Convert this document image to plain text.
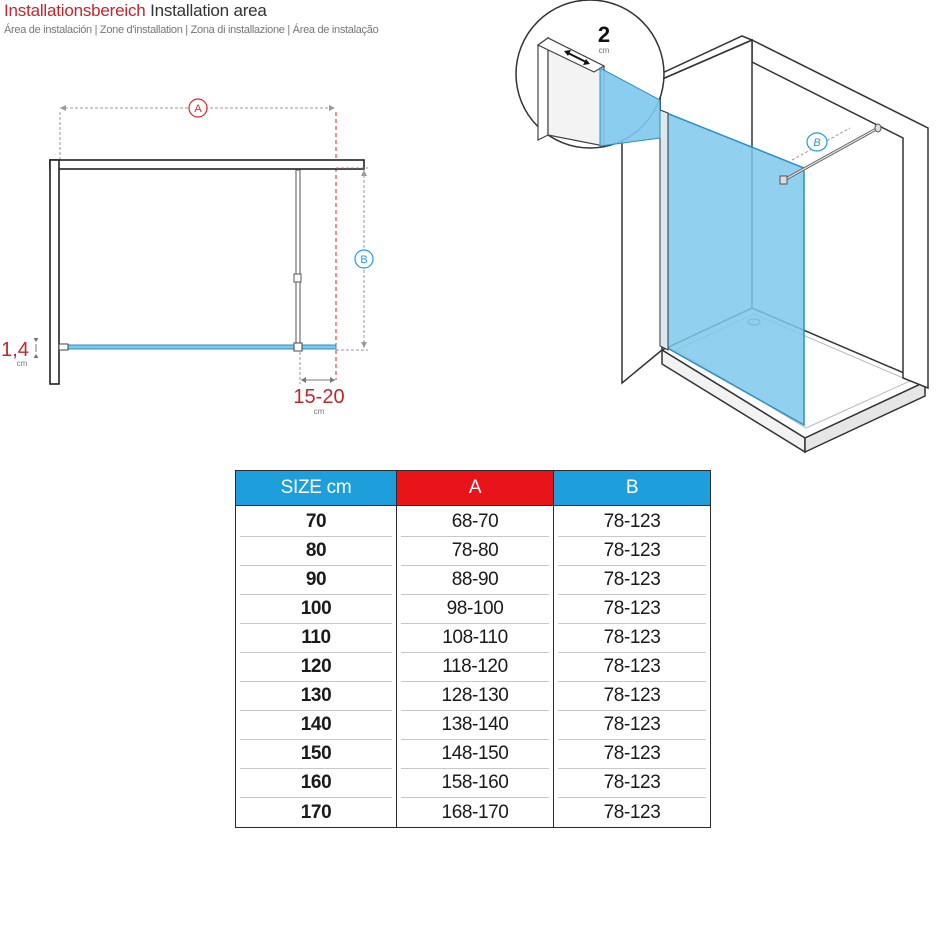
Installationsbereich Installation area
Área de instalación | Zone d'installation | Zona di installazione | Área de instalação
A
B
1,4
cm
15-20
cm
B
2
cm
SIZE cm	A	B

70	68-70	78-123

80	78-80	78-123

90	88-90	78-123

100	98-100	78-123

110	108-110	78-123

120	118-120	78-123

130	128-130	78-123

140	138-140	78-123

150	148-150	78-123

160	158-160	78-123

170	168-170	78-123
